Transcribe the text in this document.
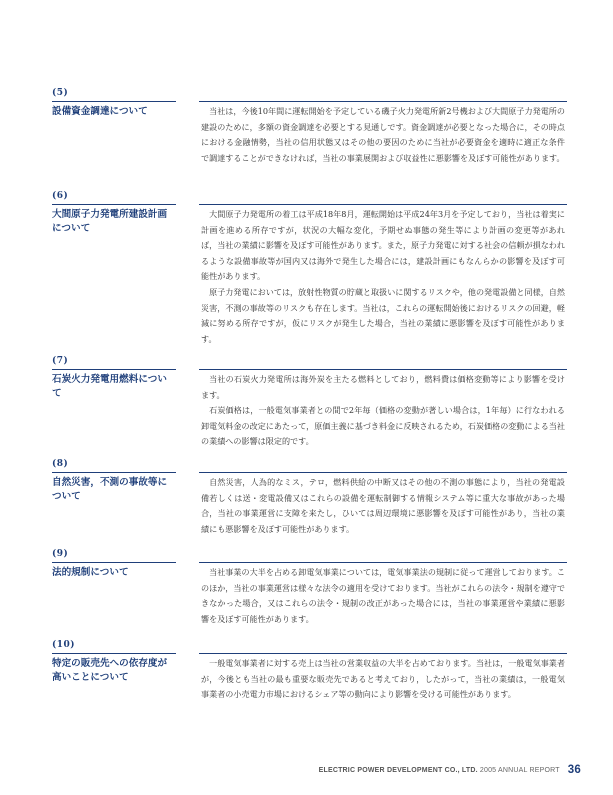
(5)
設備資金調達について	当社は，今後10年間に運転開始を予定している磯子火力発電所新2号機および大間原子力発電所の建設のために，多額の資金調達を必要とする見通しです。資金調達が必要となった場合に，その時点における金融情勢，当社の信用状態又はその他の要因のために当社が必要資金を適時に適正な条件で調達することができなければ，当社の事業展開および収益性に悪影響を及ぼす可能性があります。

(6)
大間原子力発電所建設計画について

大間原子力発電所の着工は平成18年8月，運転開始は平成24年3月を予定しており，当社は着実に計画を進める所存ですが，状況の大幅な変化，予期せぬ事態の発生等により計画の変更等があれば，当社の業績に影響を及ぼす可能性があります。また，原子力発電に対する社会の信頼が損なわれるような設備事故等が国内又は海外で発生した場合には，建設計画にもなんらかの影響を及ぼす可能性があります。

原子力発電においては，放射性物質の貯蔵と取扱いに関するリスクや，他の発電設備と同様，自然災害，不測の事故等のリスクも存在します。当社は，これらの運転開始後におけるリスクの回避，軽減に努める所存ですが，仮にリスクが発生した場合，当社の業績に悪影響を及ぼす可能性があります。

(7)
石炭火力発電用燃料について

当社の石炭火力発電所は海外炭を主たる燃料としており，燃料費は価格変動等により影響を受けます。

石炭価格は，一般電気事業者との間で2年毎（価格の変動が著しい場合は，1年毎）に行なわれる卸電気料金の改定にあたって，原価主義に基づき料金に反映されるため，石炭価格の変動による当社の業績への影響は限定的です。

(8)
自然災害，不測の事故等について

自然災害，人為的なミス，テロ，燃料供給の中断又はその他の不測の事態により，当社の発電設備若しくは送・変電設備又はこれらの設備を運転制御する情報システム等に重大な事故があった場合，当社の事業運営に支障を来たし，ひいては周辺環境に悪影響を及ぼす可能性があり，当社の業績にも悪影響を及ぼす可能性があります。

(9)
法的規制について	当社事業の大半を占める卸電気事業については，電気事業法の規制に従って運営しております。このほか，当社の事業運営は様々な法令の適用を受けております。当社がこれらの法令・規制を遵守できなかった場合，又はこれらの法令・規制の改正があった場合には，当社の事業運営や業績に悪影響を及ぼす可能性があります。

(10)
特定の販売先への依存度が高いことについて

一般電気事業者に対する売上は当社の営業収益の大半を占めております。当社は，一般電気事業者が，今後とも当社の最も重要な販売先であると考えており，したがって，当社の業績は，一般電気事業者の小売電力市場におけるシェア等の動向により影響を受ける可能性があります。

ELECTRIC POWER DEVELOPMENT CO., LTD. 2005 ANNUAL REPORT 36
